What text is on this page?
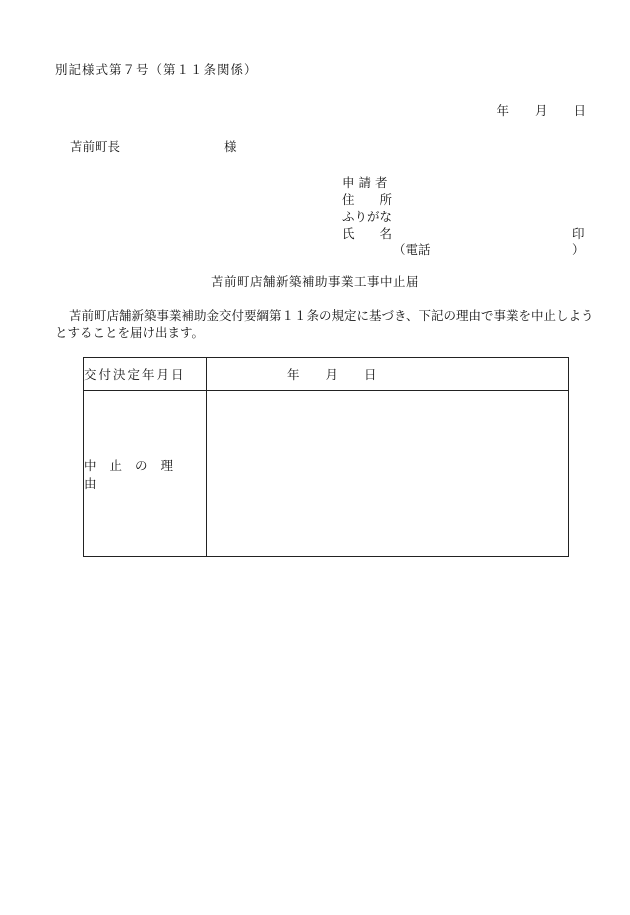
別記様式第７号（第１１条関係）
年 月 日
苫前町長	様
申 請 者
住　　所
ふりがな
氏　　名	印
（電話	）
苫前町店舗新築補助事業工事中止届
苫前町店舗新築事業補助金交付要綱第１１条の規定に基づき、下記の理由で事業を中止しようとすることを届け出ます。
交付決定年月日	年 月 日
中止の理由	
